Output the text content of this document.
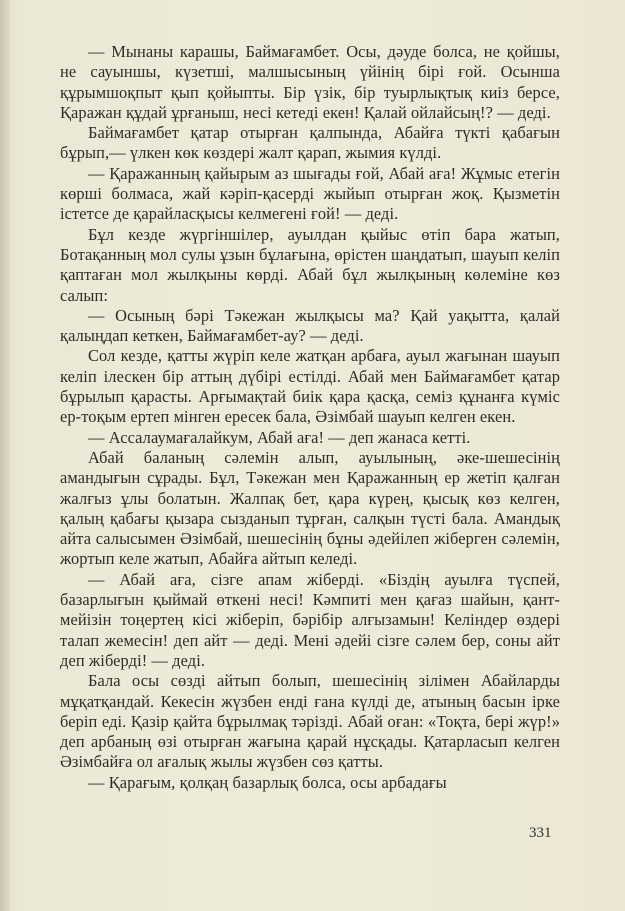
— Мынаны карашы, Баймағамбет. Осы, дәуде болса, не қойшы, не сауыншы, күзетші, малшысының үйінің бірі ғой. Осынша құрымшоқпыт қып қойыпты. Бір үзік, бір туырлықтық киіз берсе, Қаражан құдай ұрғаныш, несі кетеді екен! Қалай ойлайсың!? — деді.

Баймағамбет қатар отырған қалпында, Абайға түкті қабағын бұрып,— үлкен көк көздері жалт қарап, жымия күлді.

— Қаражанның қайырым аз шығады ғой, Абай аға! Жұмыс етегін көрші болмаса, жай кәріп-қасерді жыйып отырған жоқ. Қызметін істетсе де қарайласқысы келмегені ғой! — деді.

Бұл кезде жүргіншілер, ауылдан қыйыс өтіп бара жатып, Ботақанның мол сулы ұзын бұлағына, өрістен шаңдатып, шауып келіп қаптаған мол жылқыны көрді. Абай бұл жылқының көлеміне көз салып:

— Осының бәрі Тәкежан жылқысы ма? Қай уақытта, қалай қалыңдап кеткен, Баймағамбет-ау? — деді.

Сол кезде, қатты жүріп келе жатқан арбаға, ауыл жағынан шауып келіп ілескен бір аттың дүбірі естілді. Абай мен Баймағамбет қатар бұрылып қарасты. Арғымақтай биік қара қасқа, семіз құнанға күміс ер-тоқым ертеп мінген ересек бала, Әзімбай шауып келген екен.

— Ассалаумағалайкум, Абай аға! — деп жанаса кетті.

Абай баланың сәлемін алып, ауылының, әке-шешесінің амандығын сұрады. Бұл, Тәкежан мен Қаражанның ер жетіп қалған жалғыз ұлы болатын. Жалпақ бет, қара күрең, қысық көз келген, қалың қабағы қызара сызданып тұрған, салқын түсті бала. Амандық айта салысымен Әзімбай, шешесінің бұны әдейілеп жіберген сәлемін, жортып келе жатып, Абайға айтып келеді.

— Абай аға, сізге апам жіберді. «Біздің ауылға түспей, базарлығын қыймай өткені несі! Кәмпиті мен қағаз шайын, қант-мейізін тоңертең кісі жіберіп, бәрібір алғызамын! Келіндер өздері талап жемесін! деп айт — деді. Мені әдейі сізге сәлем бер, соны айт деп жіберді! — деді.

Бала осы сөзді айтып болып, шешесінің зілімен Абайларды мұқатқандай. Кекесін жүзбен енді ғана күлді де, атының басын ірке беріп еді. Қазір қайта бұрылмақ тәрізді. Абай оған: «Тоқта, бері жүр!» деп арбаның өзі отырған жағына қарай нұсқады. Қатарласып келген Әзімбайға ол ағалық жылы жүзбен сөз қатты.

— Қарағым, қолқаң базарлық болса, осы арбадағы

331
